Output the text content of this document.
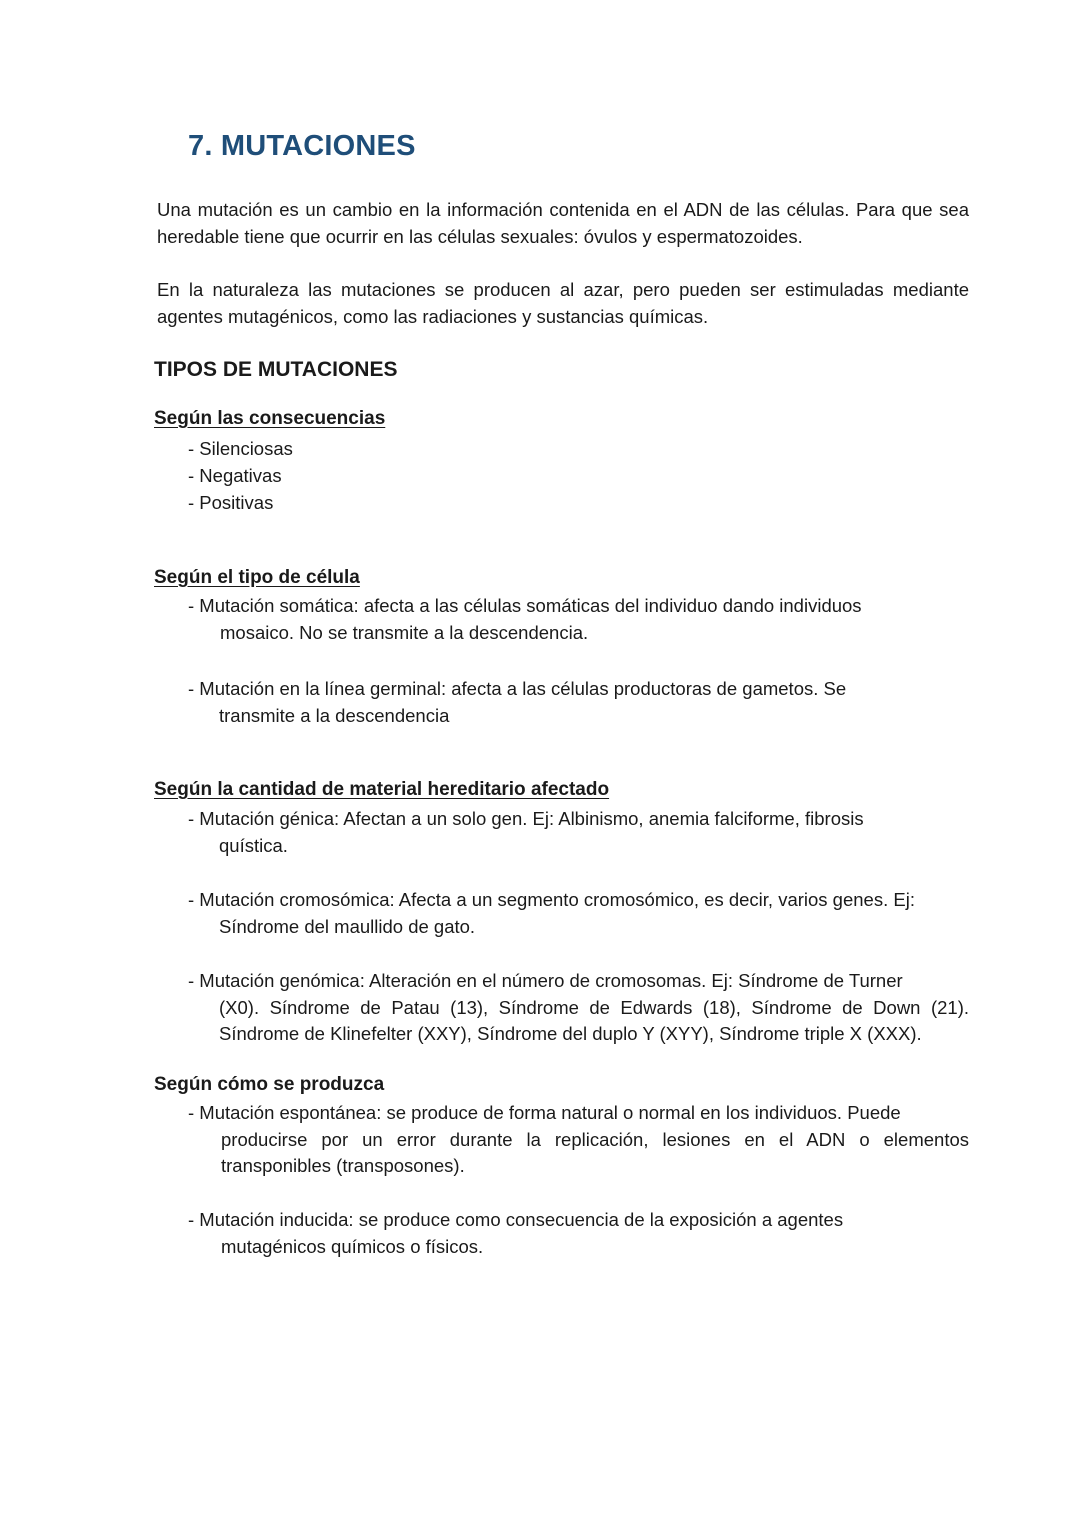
7. MUTACIONES

Una mutación es un cambio en la información contenida en el ADN de las células. Para que sea heredable tiene que ocurrir en las células sexuales: óvulos y espermatozoides.

En la naturaleza las mutaciones se producen al azar, pero pueden ser estimuladas mediante agentes mutagénicos, como las radiaciones y sustancias químicas.

TIPOS DE MUTACIONES
Según las consecuencias

- Silenciosas

- Negativas

- Positivas

Según el tipo de célula
- Mutación somática: afecta a las células somáticas del individuo dando individuos
mosaico. No se transmite a la descendencia.
- Mutación en la línea germinal: afecta a las células productoras de gametos. Se
transmite a la descendencia
Según la cantidad de material hereditario afectado
- Mutación génica: Afectan a un solo gen. Ej: Albinismo, anemia falciforme, fibrosis
quística.
- Mutación cromosómica: Afecta a un segmento cromosómico, es decir, varios genes. Ej:
Síndrome del maullido de gato.
- Mutación genómica: Alteración en el número de cromosomas. Ej: Síndrome de Turner
(X0). Síndrome de Patau (13), Síndrome de Edwards (18), Síndrome de Down (21). Síndrome de Klinefelter (XXY), Síndrome del duplo Y (XYY), Síndrome triple X (XXX).
Según cómo se produzca
- Mutación espontánea: se produce de forma natural o normal en los individuos. Puede
producirse por un error durante la replicación, lesiones en el ADN o elementos transponibles (transposones).
- Mutación inducida: se produce como consecuencia de la exposición a agentes
mutagénicos químicos o físicos.
